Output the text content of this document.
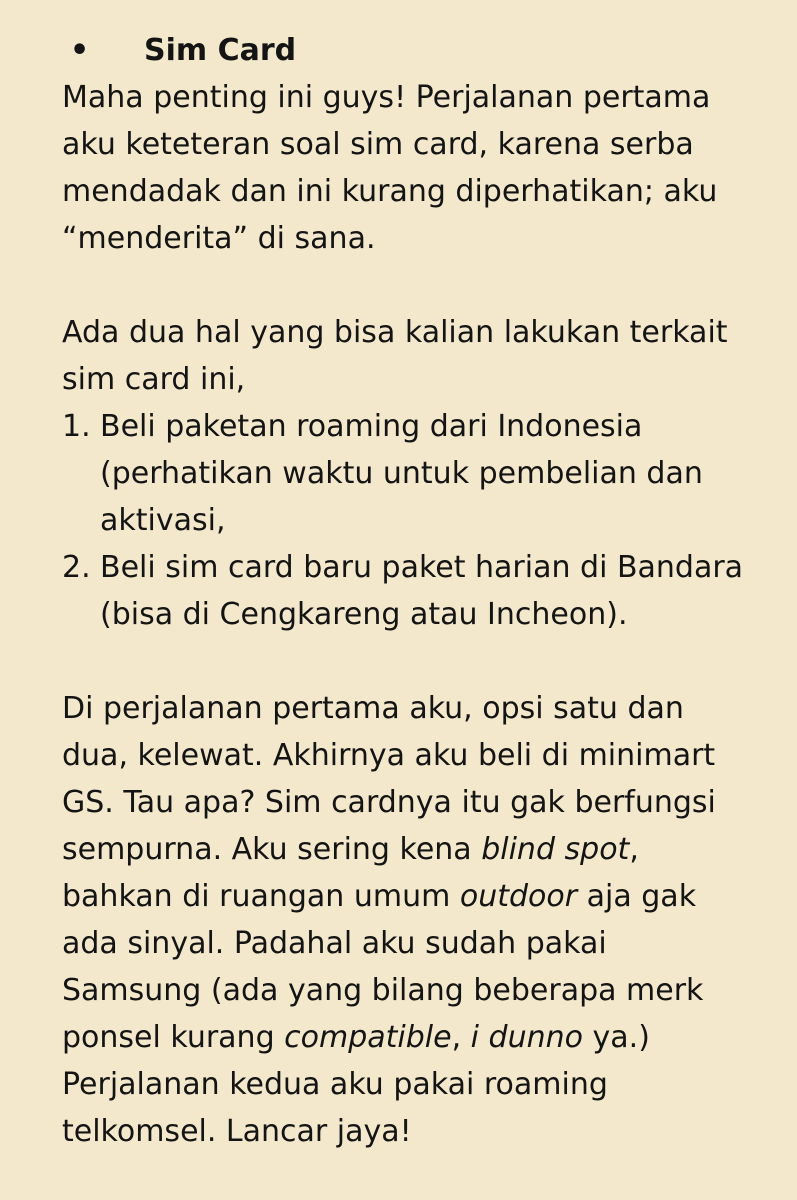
• Sim Card

Maha penting ini guys! Perjalanan pertama
aku keteteran soal sim card, karena serba
mendadak dan ini kurang diperhatikan; aku
“menderita” di sana.

Ada dua hal yang bisa kalian lakukan terkait
sim card ini,

1. Beli paketan roaming dari Indonesia
(perhatikan waktu untuk pembelian dan
aktivasi,
2. Beli sim card baru paket harian di Bandara
(bisa di Cengkareng atau Incheon).

Di perjalanan pertama aku, opsi satu dan
dua, kelewat. Akhirnya aku beli di minimart
GS. Tau apa? Sim cardnya itu gak berfungsi
sempurna. Aku sering kena blind spot,
bahkan di ruangan umum outdoor aja gak
ada sinyal. Padahal aku sudah pakai
Samsung (ada yang bilang beberapa merk
ponsel kurang compatible, i dunno ya.)
Perjalanan kedua aku pakai roaming
telkomsel. Lancar jaya!
